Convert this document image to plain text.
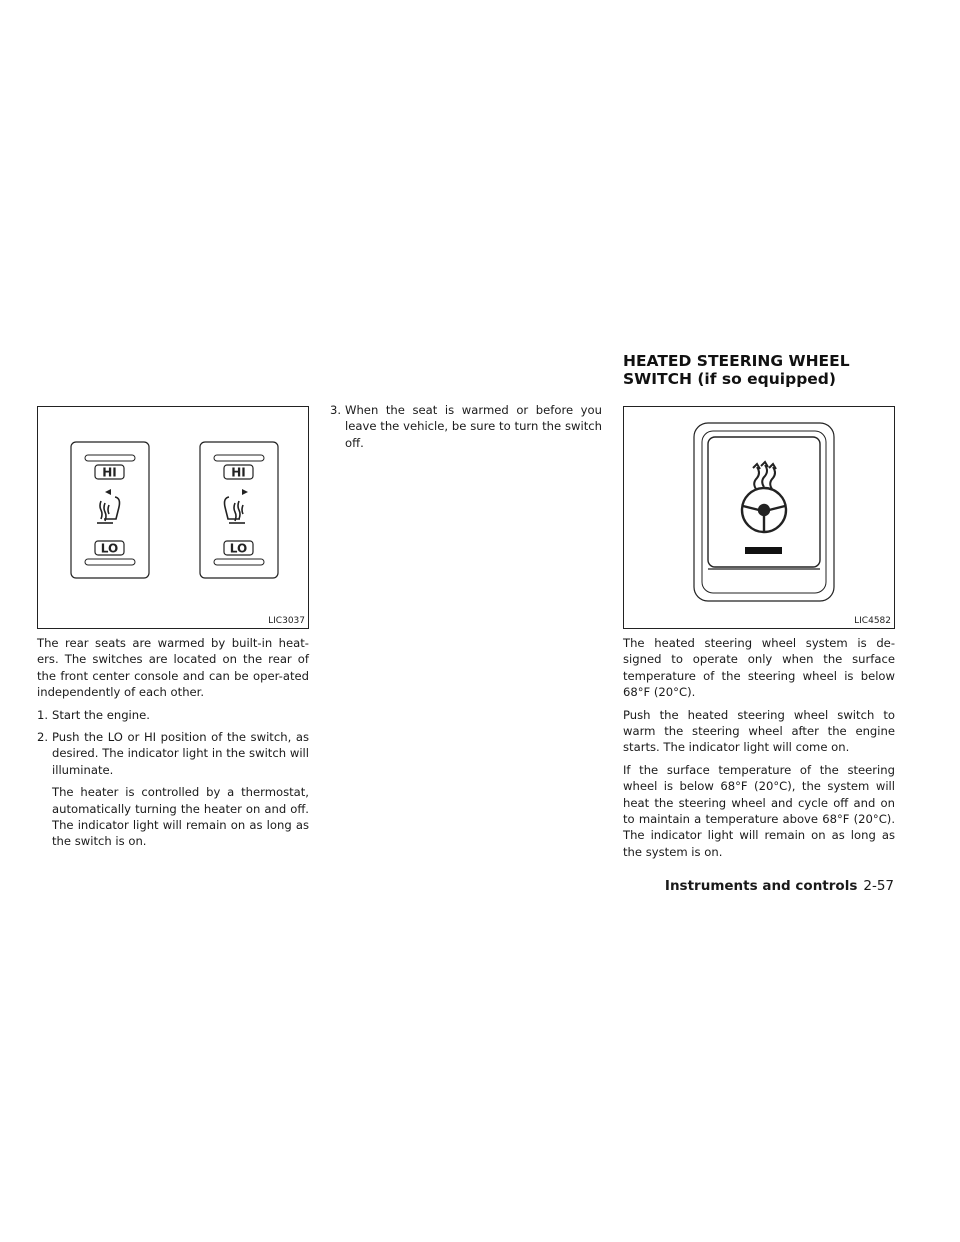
HEATED STEERING WHEEL SWITCH (if so equipped)
HI
LO
HI
LO
LIC3037	LIC4582

The rear seats are warmed by built-in heat-ers. The switches are located on the rear of the front center console and can be oper-ated independently of each other.

1. Start the engine.
2. Push the LO or HI position of the switch, as desired. The indicator light in the switch will illuminate.

The heater is controlled by a thermostat, automatically turning the heater on and off. The indicator light will remain on as long as the switch is on.

3. When the seat is warmed or before you leave the vehicle, be sure to turn the switch off.

The heated steering wheel system is de-signed to operate only when the surface temperature of the steering wheel is below 68°F (20°C).

Push the heated steering wheel switch to warm the steering wheel after the engine starts. The indicator light will come on.

If the surface temperature of the steering wheel is below 68°F (20°C), the system will heat the steering wheel and cycle off and on to maintain a temperature above 68°F (20°C). The indicator light will remain on as long as the system is on.

Instruments and controls 2-57
